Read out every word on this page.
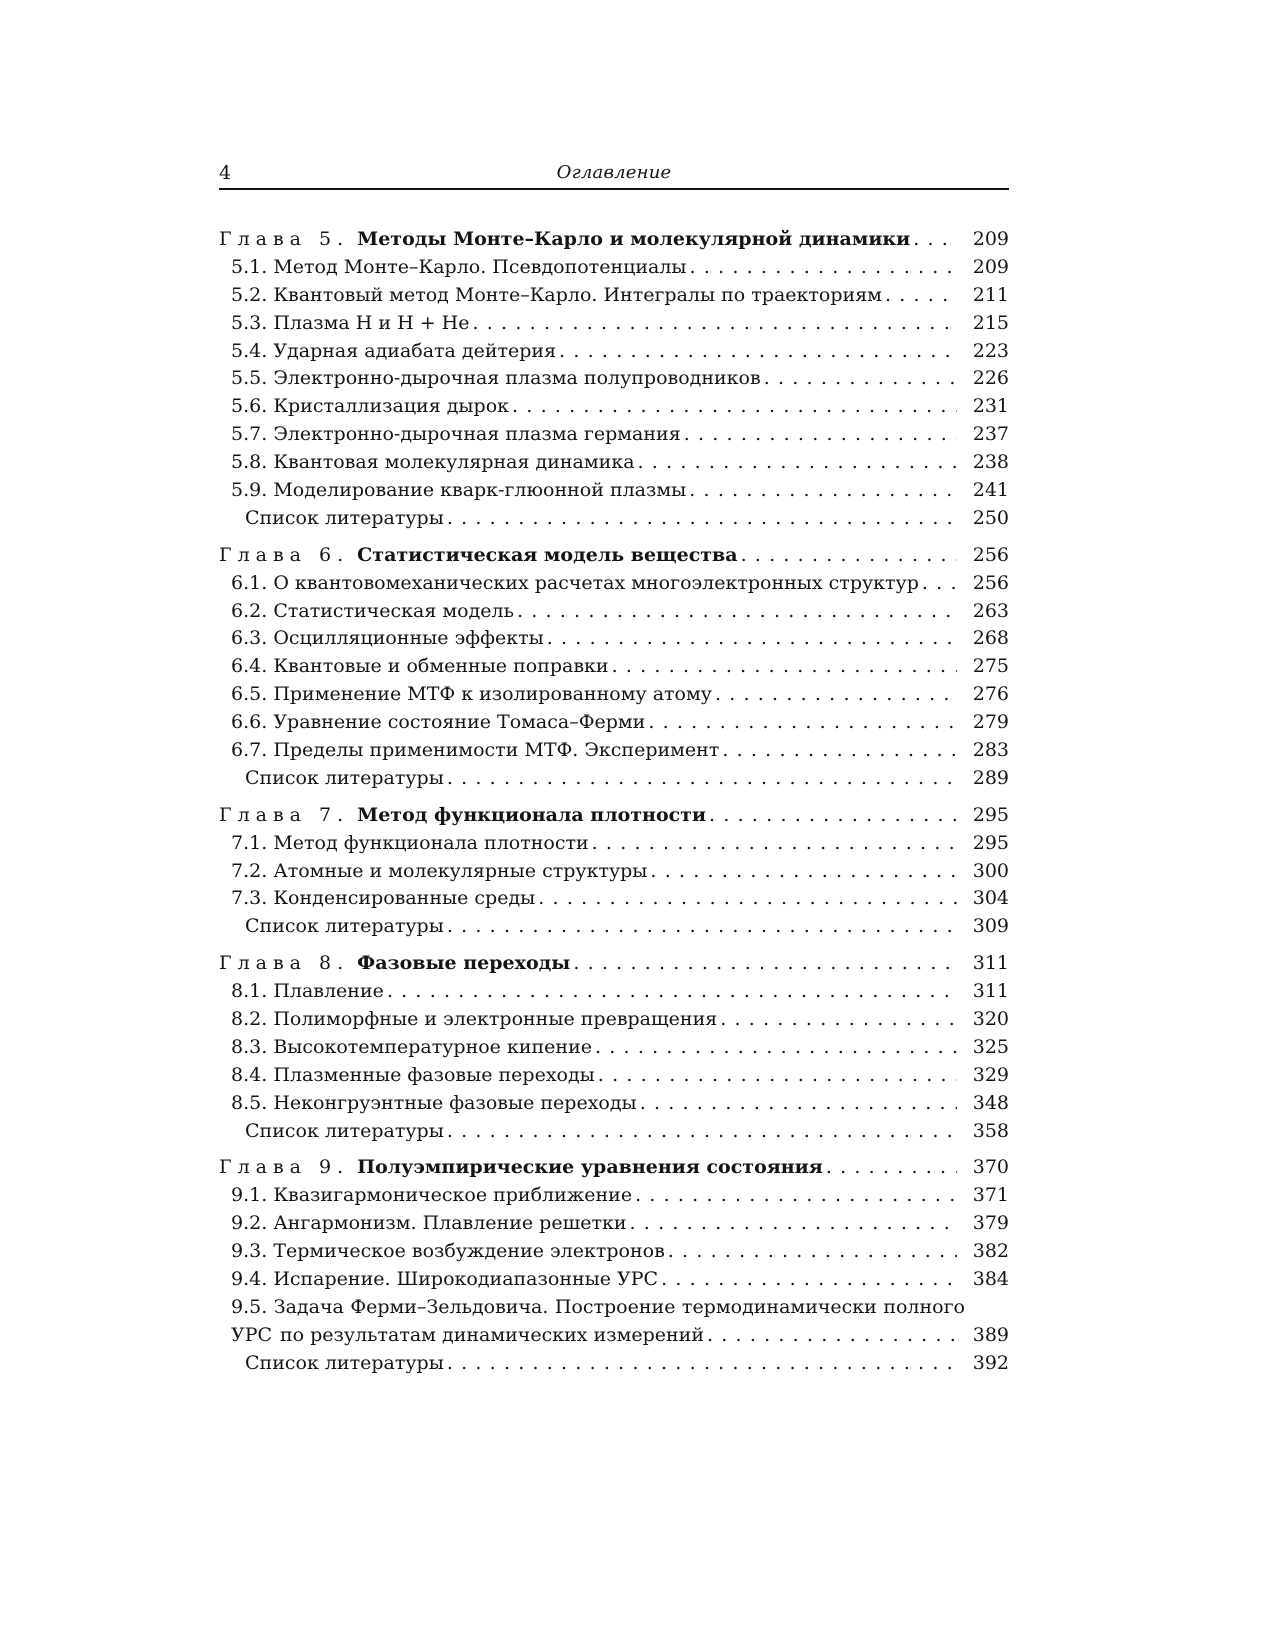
4	Оглавление
Глава 5. Методы Монте–Карло и молекулярной динамики . . .	209
5.1. Метод Монте–Карло. Псевдопотенциалы . . .	209
5.2. Квантовый метод Монте–Карло. Интегралы по траекториям . . .	211
5.3. Плазма H и H + He . . .	215
5.4. Ударная адиабата дейтерия . . .	223
5.5. Электронно-дырочная плазма полупроводников . . .	226
5.6. Кристаллизация дырок . . .	231
5.7. Электронно-дырочная плазма германия . . .	237
5.8. Квантовая молекулярная динамика . . .	238
5.9. Моделирование кварк-глюонной плазмы . . .	241
Список литературы . . .	250
Глава 6. Статистическая модель вещества . . .	256
6.1. О квантовомеханических расчетах многоэлектронных структур . . .	256
6.2. Статистическая модель . . .	263
6.3. Осцилляционные эффекты . . .	268
6.4. Квантовые и обменные поправки . . .	275
6.5. Применение МТФ к изолированному атому . . .	276
6.6. Уравнение состояние Томаса–Ферми . . .	279
6.7. Пределы применимости МТФ. Эксперимент . . .	283
Список литературы . . .	289
Глава 7. Метод функционала плотности . . .	295
7.1. Метод функционала плотности . . .	295
7.2. Атомные и молекулярные структуры . . .	300
7.3. Конденсированные среды . . .	304
Список литературы . . .	309
Глава 8. Фазовые переходы . . .	311
8.1. Плавление . . .	311
8.2. Полиморфные и электронные превращения . . .	320
8.3. Высокотемпературное кипение . . .	325
8.4. Плазменные фазовые переходы . . .	329
8.5. Неконгруэнтные фазовые переходы . . .	348
Список литературы . . .	358
Глава 9. Полуэмпирические уравнения состояния . . .	370
9.1. Квазигармоническое приближение . . .	371
9.2. Ангармонизм. Плавление решетки . . .	379
9.3. Термическое возбуждение электронов . . .	382
9.4. Испарение. Широкодиапазонные УРС . . .	384
9.5. Задача Ферми–Зельдовича. Построение термодинамически полного УРС по результатам динамических измерений . . .	389
Список литературы . . .	392
